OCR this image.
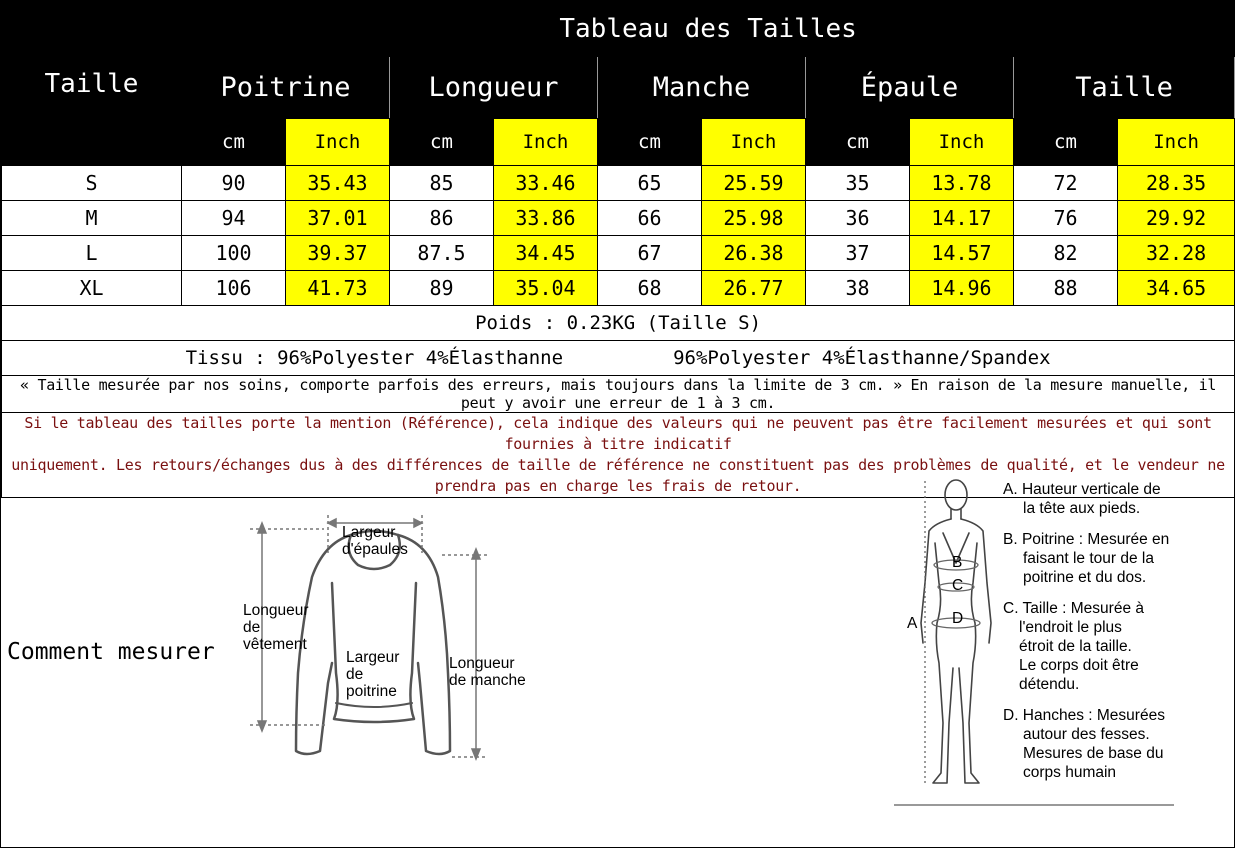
Taille	Tableau des Tailles									
	Poitrine		Longueur		Manche		Épaule		Taille	
	cm	Inch	cm	Inch	cm	Inch	cm	Inch	cm	Inch
S	90	35.43	85	33.46	65	25.59	35	13.78	72	28.35
M	94	37.01	86	33.86	66	25.98	36	14.17	76	29.92
L	100	39.37	87.5	34.45	67	26.38	37	14.57	82	32.28
XL	106	41.73	89	35.04	68	26.77	38	14.96	88	34.65
Poids : 0.23KG (Taille S)										
Tissu : 96%Polyester 4%Élasthanne 96%Polyester 4%Élasthanne/Spandex										
« Taille mesurée par nos soins, comporte parfois des erreurs, mais toujours dans la limite de 3 cm. » En raison de la mesure manuelle, il peut y avoir une erreur de 1 à 3 cm.										

Si le tableau des tailles porte la mention (Référence), cela indique des valeurs qui ne peuvent pas être facilement mesurées et qui sont fournies à titre indicatif
uniquement. Les retours/échanges dus à des différences de taille de référence ne constituent pas des problèmes de qualité, et le vendeur ne prendra pas en charge les frais de retour.										
Comment mesurer
Largeur
d'épaules
Longueur
de
vêtement
Largeur
de
poitrine
Longueur
de manche
A
B
C
D
A. Hauteur verticale de
la tête aux pieds.
B. Poitrine : Mesurée en
faisant le tour de la
poitrine et du dos.
C. Taille : Mesurée à
l'endroit le plus
étroit de la taille.
Le corps doit être
détendu.
D. Hanches : Mesurées
autour des fesses.
Mesures de base du
corps humain
